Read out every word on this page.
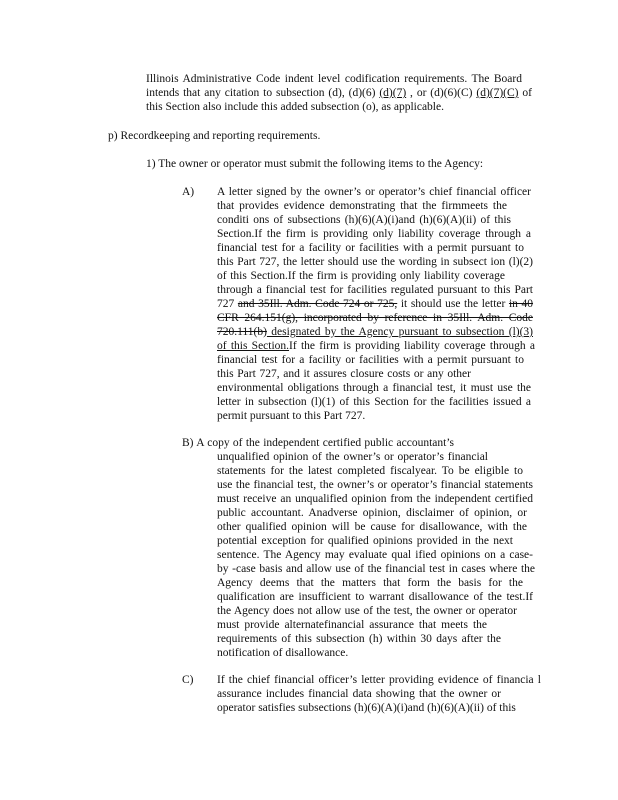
Illinois Administrative Code indent level codification requirements. The Board
intends that any citation to subsection (d), (d)(6) (d)(7) , or (d)(6)(C) (d)(7)(C) of
this Section also include this added subsection (o), as applicable.
p) Recordkeeping and reporting requirements.
1) The owner or operator must submit the following items to the Agency:
A) A letter signed by the owner’s or operator’s chief financial officer
that provides evidence demonstrating that the firmmeets the
conditi ons of subsections (h)(6)(A)(i)and (h)(6)(A)(ii) of this
Section.If the firm is providing only liability coverage through a
financial test for a facility or facilities with a permit pursuant to
this Part 727, the letter should use the wording in subsect ion (l)(2)
of this Section.If the firm is providing only liability coverage
through a financial test for facilities regulated pursuant to this Part
727 and 35Ill. Adm. Code 724 or 725, it should use the letter in 40
CFR 264.151(g), incorporated by reference in 35Ill. Adm. Code
720.111(b) designated by the Agency pursuant to subsection (l)(3)
of this Section.If the firm is providing liability coverage through a
financial test for a facility or facilities with a permit pursuant to
this Part 727, and it assures closure costs or any other
environmental obligations through a financial test, it must use the
letter in subsection (l)(1) of this Section for the facilities issued a
permit pursuant to this Part 727.
B) A copy of the independent certified public accountant’s
unqualified opinion of the owner’s or operator’s financial
statements for the latest completed fiscalyear. To be eligible to
use the financial test, the owner’s or operator’s financial statements
must receive an unqualified opinion from the independent certified
public accountant. Anadverse opinion, disclaimer of opinion, or
other qualified opinion will be cause for disallowance, with the
potential exception for qualified opinions provided in the next
sentence. The Agency may evaluate qual ified opinions on a case-
by -case basis and allow use of the financial test in cases where the
Agency deems that the matters that form the basis for the
qualification are insufficient to warrant disallowance of the test.If
the Agency does not allow use of the test, the owner or operator
must provide alternatefinancial assurance that meets the
requirements of this subsection (h) within 30 days after the
notification of disallowance.
C) If the chief financial officer’s letter providing evidence of financia l
assurance includes financial data showing that the owner or
operator satisfies subsections (h)(6)(A)(i)and (h)(6)(A)(ii) of this
